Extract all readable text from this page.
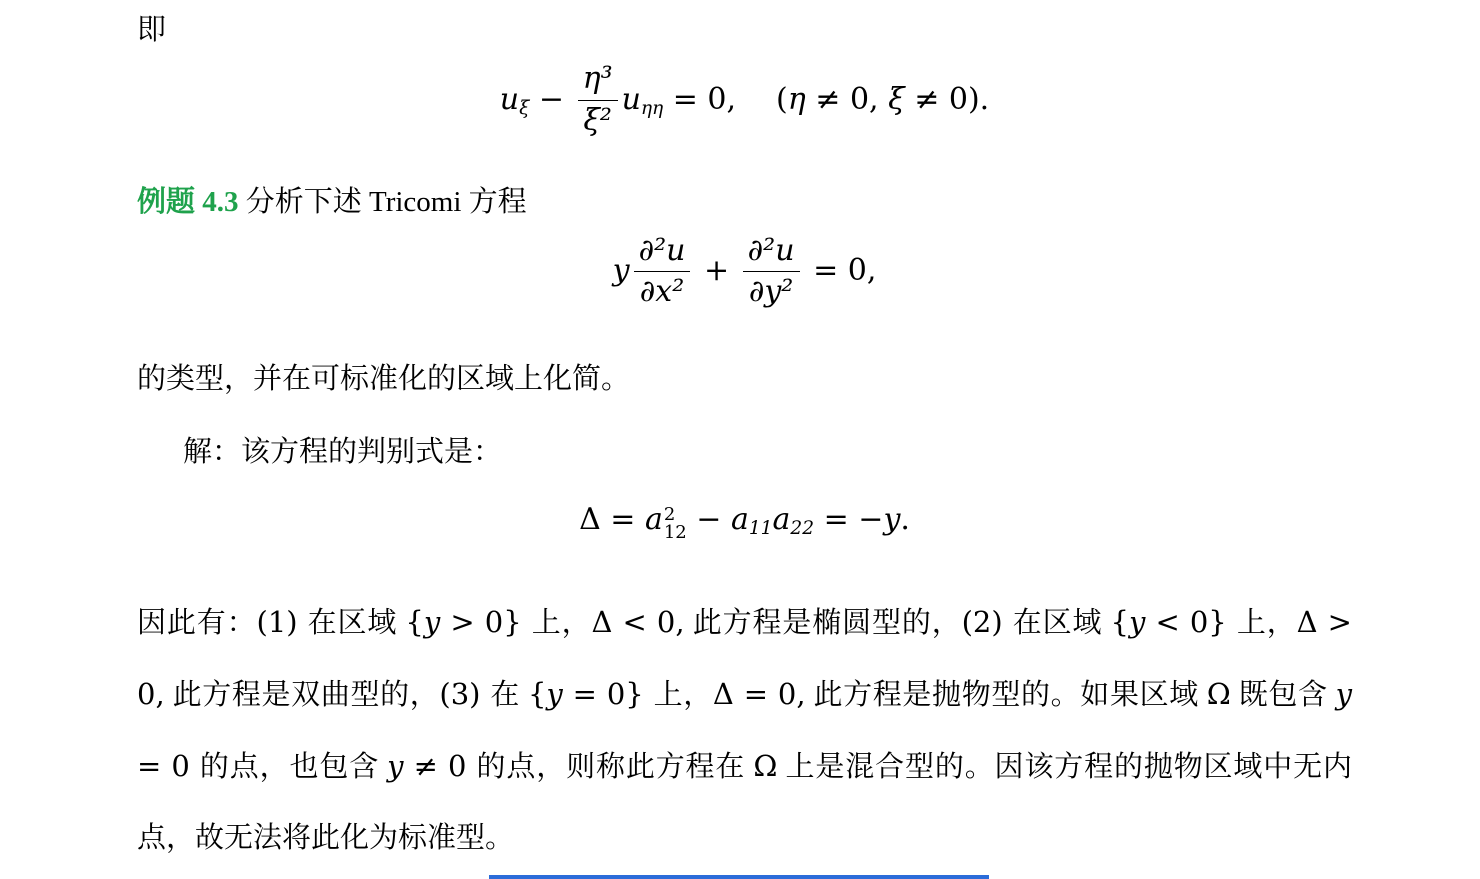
即
$u_\xi - \frac{\text{η³}}{\text{ξ²}} u_{\eta\eta} = 0$, (η ≠ 0, ξ ≠ 0).
例题 4.3 分析下述 Tricomi 方程
y $\frac{\text{∂²u}}{\text{∂x²}} + \frac{\text{∂²u}}{\text{∂y²}} = 0$,
的类型，并在可标准化的区域上化简。
解：该方程的判别式是：
Δ = a 2
$12 - a_{11}a_{22} = -y$.
因此有：(1) 在区域 {y > 0} 上，Δ < 0, 此方程是椭圆型的，(2) 在区域 {y < 0} 上，Δ > 0, 此方程是双曲型的，(3) 在 {y = 0} 上，Δ = 0, 此方程是抛物型的。如果区域 Ω 既包含 y = 0 的点，也包含 y ≠ 0 的点，则称此方程在 Ω 上是混合型的。因该方程的抛物区域中无内点，故无法将此化为标准型。
